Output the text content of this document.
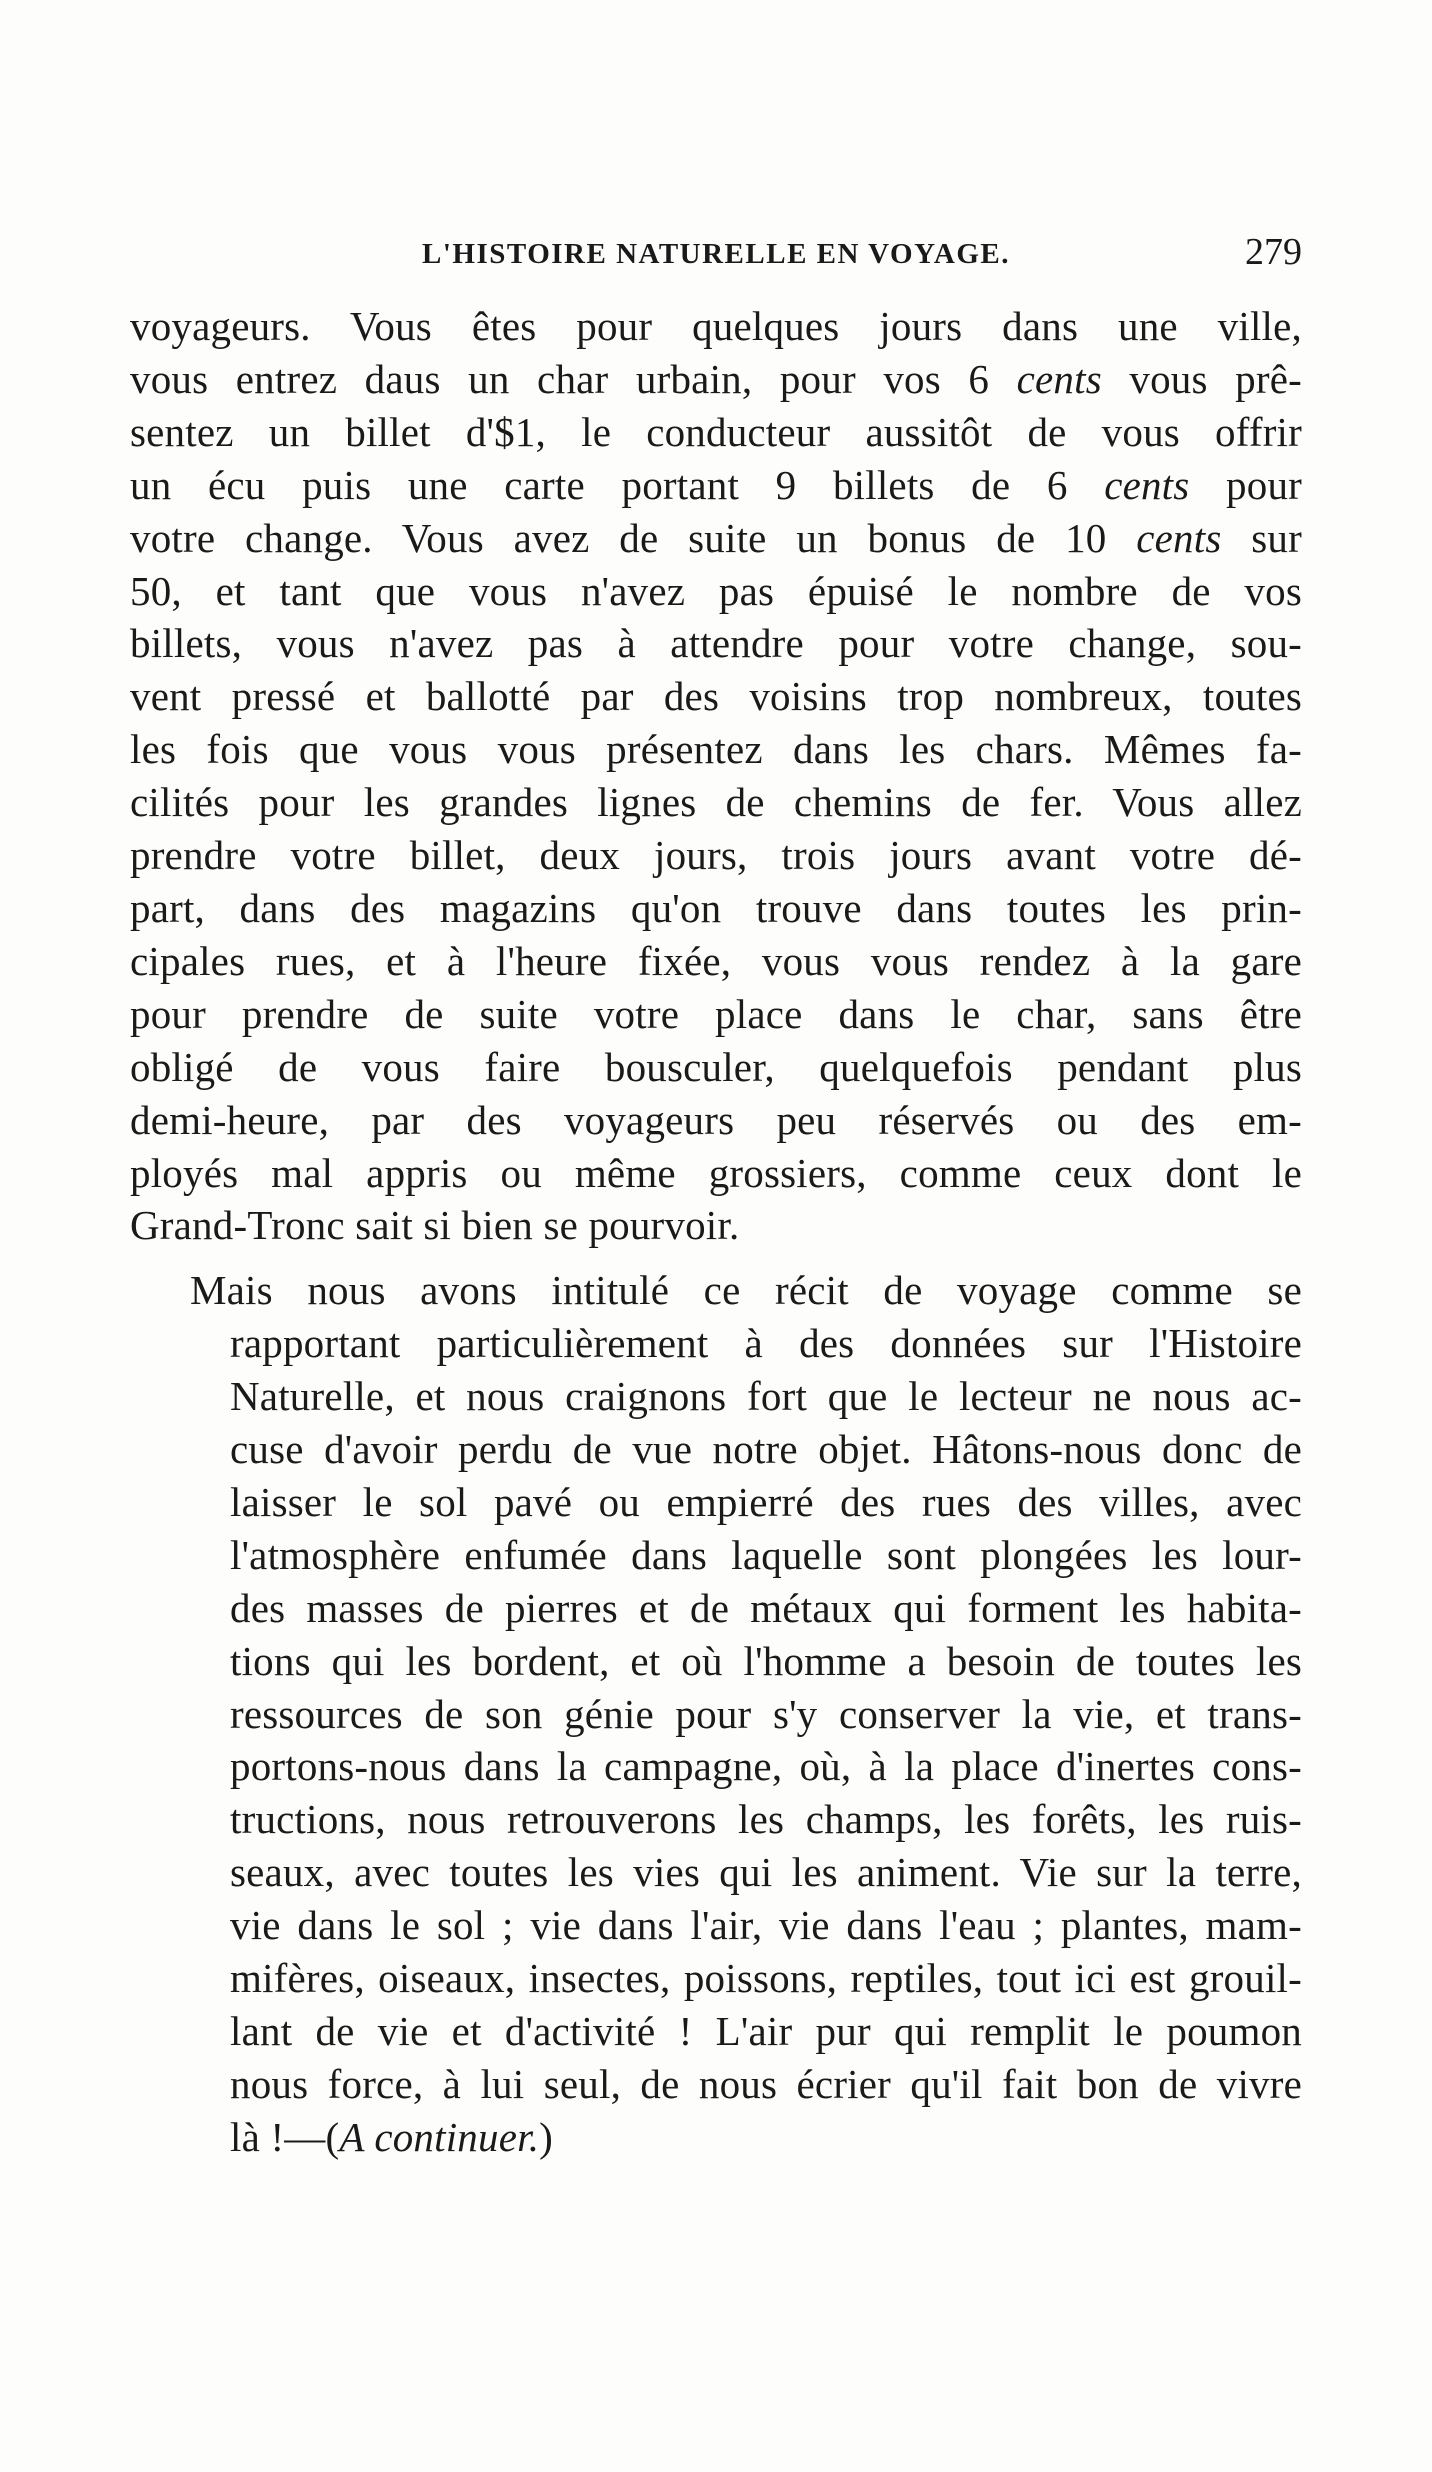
L'HISTOIRE NATURELLE EN VOYAGE.	279
voyageurs. Vous êtes pour quelques jours dans une ville,
vous entrez daus un char urbain, pour vos 6 cents vous prê-
sentez un billet d'$1, le conducteur aussitôt de vous offrir
un écu puis une carte portant 9 billets de 6 cents pour
votre change. Vous avez de suite un bonus de 10 cents sur
50, et tant que vous n'avez pas épuisé le nombre de vos
billets, vous n'avez pas à attendre pour votre change, sou-
vent pressé et ballotté par des voisins trop nombreux, toutes
les fois que vous vous présentez dans les chars. Mêmes fa-
cilités pour les grandes lignes de chemins de fer. Vous allez
prendre votre billet, deux jours, trois jours avant votre dé-
part, dans des magazins qu'on trouve dans toutes les prin-
cipales rues, et à l'heure fixée, vous vous rendez à la gare
pour prendre de suite votre place dans le char, sans être
obligé de vous faire bousculer, quelquefois pendant plus
demi-heure, par des voyageurs peu réservés ou des em-
ployés mal appris ou même grossiers, comme ceux dont le
Grand-Tronc sait si bien se pourvoir.
Mais nous avons intitulé ce récit de voyage comme se
rapportant particulièrement à des données sur l'Histoire
Naturelle, et nous craignons fort que le lecteur ne nous ac-
cuse d'avoir perdu de vue notre objet. Hâtons-nous donc de
laisser le sol pavé ou empierré des rues des villes, avec
l'atmosphère enfumée dans laquelle sont plongées les lour-
des masses de pierres et de métaux qui forment les habita-
tions qui les bordent, et où l'homme a besoin de toutes les
ressources de son génie pour s'y conserver la vie, et trans-
portons-nous dans la campagne, où, à la place d'inertes cons-
tructions, nous retrouverons les champs, les forêts, les ruis-
seaux, avec toutes les vies qui les animent. Vie sur la terre,
vie dans le sol ; vie dans l'air, vie dans l'eau ; plantes, mam-
mifères, oiseaux, insectes, poissons, reptiles, tout ici est grouil-
lant de vie et d'activité ! L'air pur qui remplit le poumon
nous force, à lui seul, de nous écrier qu'il fait bon de vivre
là !—(A continuer.)
